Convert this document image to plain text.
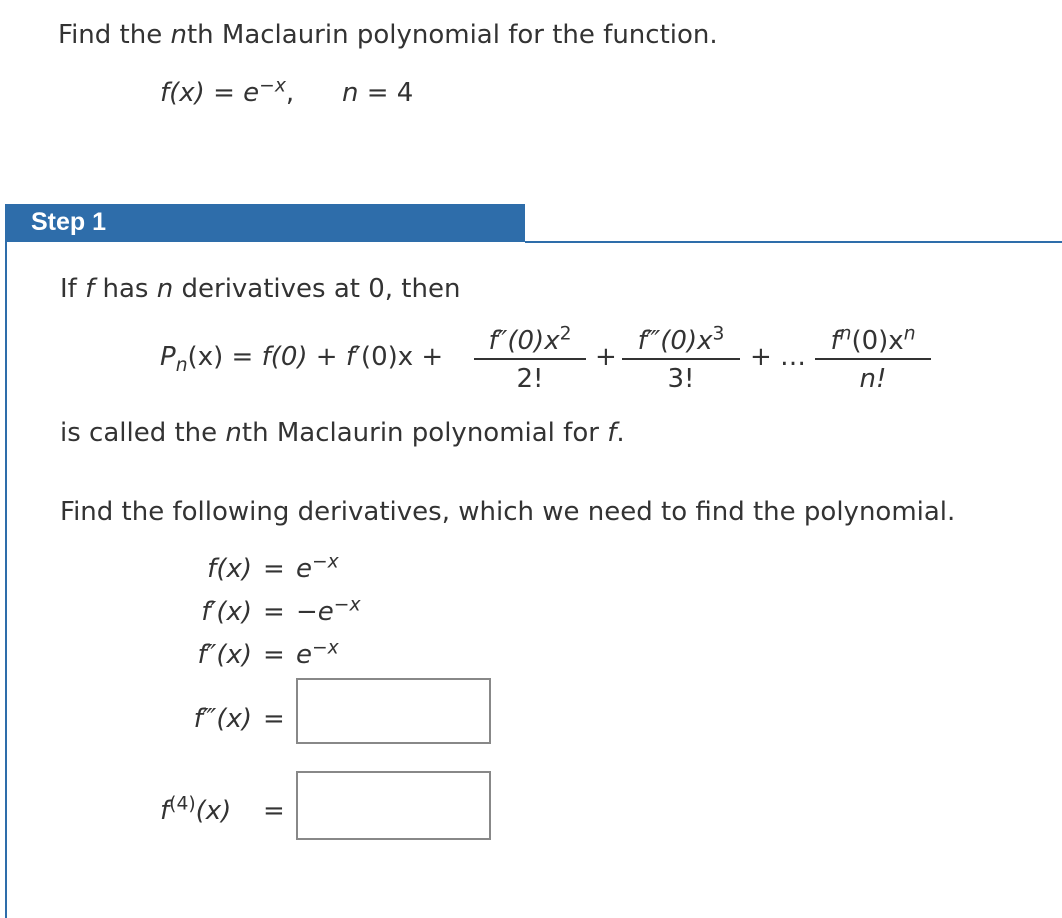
Find the nth Maclaurin polynomial for the function.
$f(x) = e^{-x}$, n = 4
Step 1
If f has n derivatives at 0, then
$P_n(x) = f(0) + f'(0)x$ +
$f''(0)x^2$
2!
+
$f‴(0)x^3$
3!
+ …
$f^n(0)x^n$
n!
is called the nth Maclaurin polynomial for f.
Find the following derivatives, which we need to find the polynomial.
$f(x) = e^{-x}$
$f'(x) = -e^{-x}$
$f''(x) = e^{-x}$
f‴(x) =
$f^{(4)}(x)$ =
